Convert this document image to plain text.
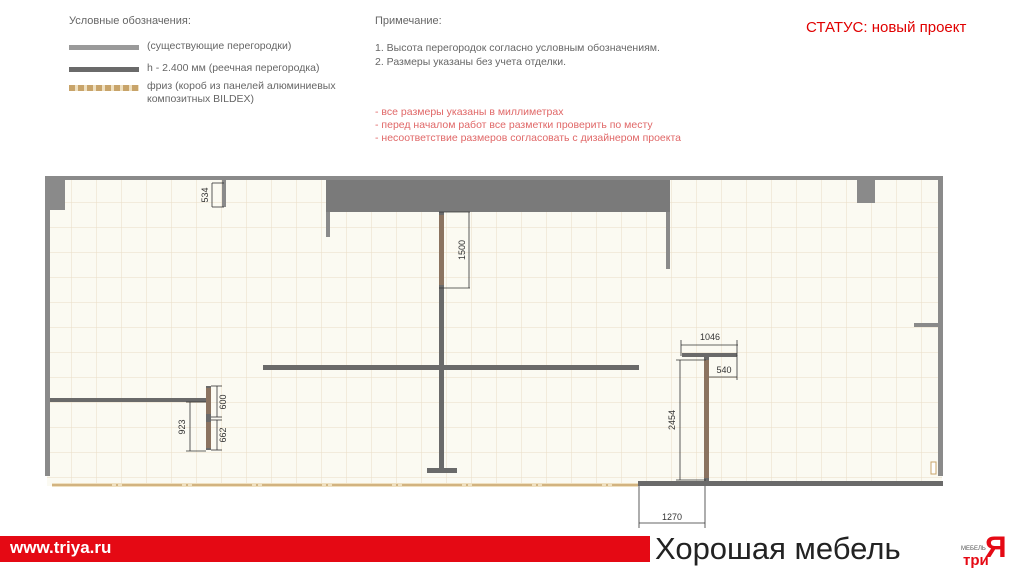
Условные обозначения:
(существующие перегородки)
h - 2.400 мм (реечная перегородка)
фриз (короб из панелей алюминиевых композитных BILDEX)
Примечание:
1. Высота перегородок согласно условным обозначениям.
2. Размеры указаны без учета отделки.
- все размеры указаны в миллиметрах
- перед началом работ все разметки проверить по месту
- несоответствие размеров согласовать с дизайнером проекта
СТАТУС: новый проект
534
1500
1046
540
2454
1270
923
600
662
www.triya.ru	Хорошая мебель	МЕБЕЛЬ Я
три
